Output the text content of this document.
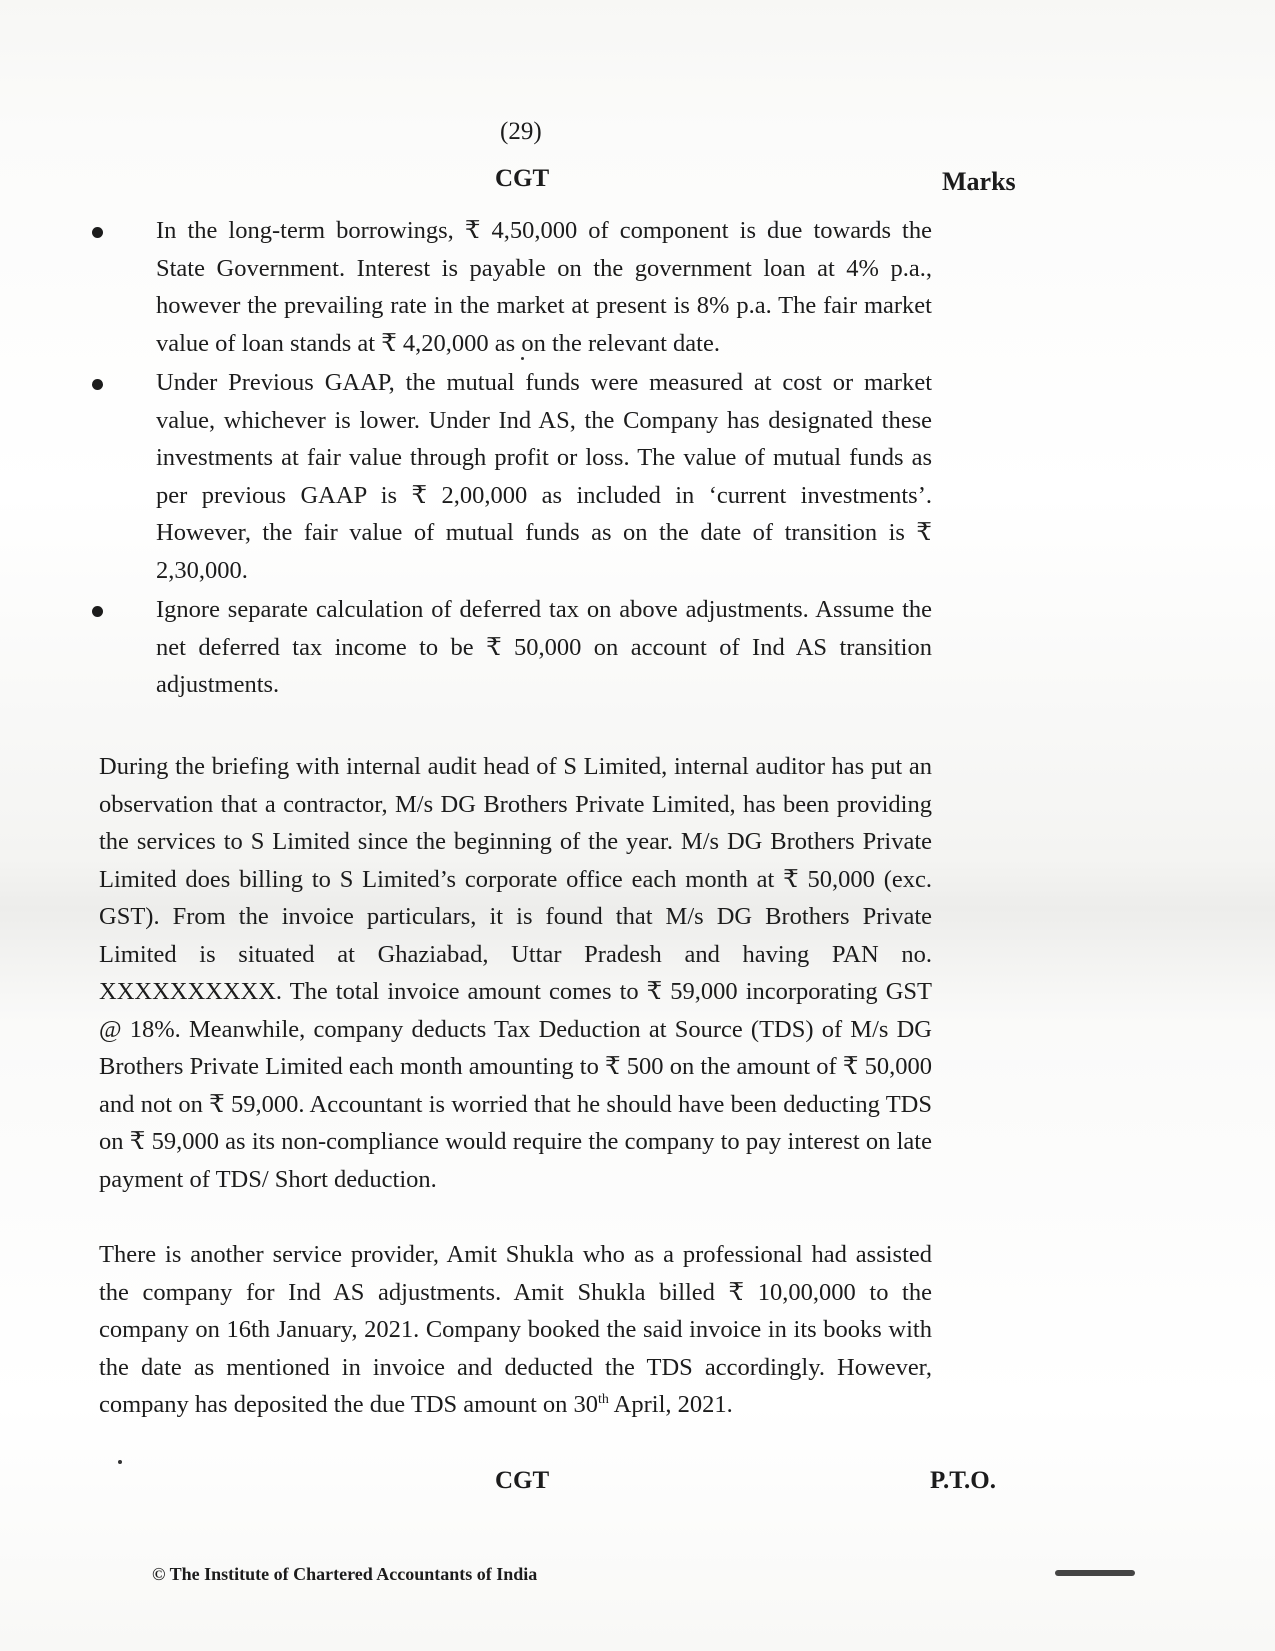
(29)

CGT	Marks

In the long-term borrowings, ₹ 4,50,000 of component is due towards the State Government. Interest is payable on the government loan at 4% p.a., however the prevailing rate in the market at present is 8% p.a. The fair market value of loan stands at ₹ 4,20,000 as on the relevant date.

Under Previous GAAP, the mutual funds were measured at cost or market value, whichever is lower. Under Ind AS, the Company has designated these investments at fair value through profit or loss. The value of mutual funds as per previous GAAP is ₹ 2,00,000 as included in ‘current investments’. However, the fair value of mutual funds as on the date of transition is ₹ 2,30,000.

Ignore separate calculation of deferred tax on above adjustments. Assume the net deferred tax income to be ₹ 50,000 on account of Ind AS transition adjustments.

During the briefing with internal audit head of S Limited, internal auditor has put an observation that a contractor, M/s DG Brothers Private Limited, has been providing the services to S Limited since the beginning of the year. M/s DG Brothers Private Limited does billing to S Limited’s corporate office each month at ₹ 50,000 (exc. GST). From the invoice particulars, it is found that M/s DG Brothers Private Limited is situated at Ghaziabad, Uttar Pradesh and having PAN no. XXXXXXXXXX. The total invoice amount comes to ₹ 59,000 incorporating GST @ 18%. Meanwhile, company deducts Tax Deduction at Source (TDS) of M/s DG Brothers Private Limited each month amounting to ₹ 500 on the amount of ₹ 50,000 and not on ₹ 59,000. Accountant is worried that he should have been deducting TDS on ₹ 59,000 as its non-compliance would require the company to pay interest on late payment of TDS/ Short deduction.

There is another service provider, Amit Shukla who as a professional had assisted the company for Ind AS adjustments. Amit Shukla billed ₹ 10,00,000 to the company on 16th January, 2021. Company booked the said invoice in its books with the date as mentioned in invoice and deducted the TDS accordingly. However, company has deposited the due TDS amount on 30th April, 2021.

CGT	P.T.O.
© The Institute of Chartered Accountants of India
